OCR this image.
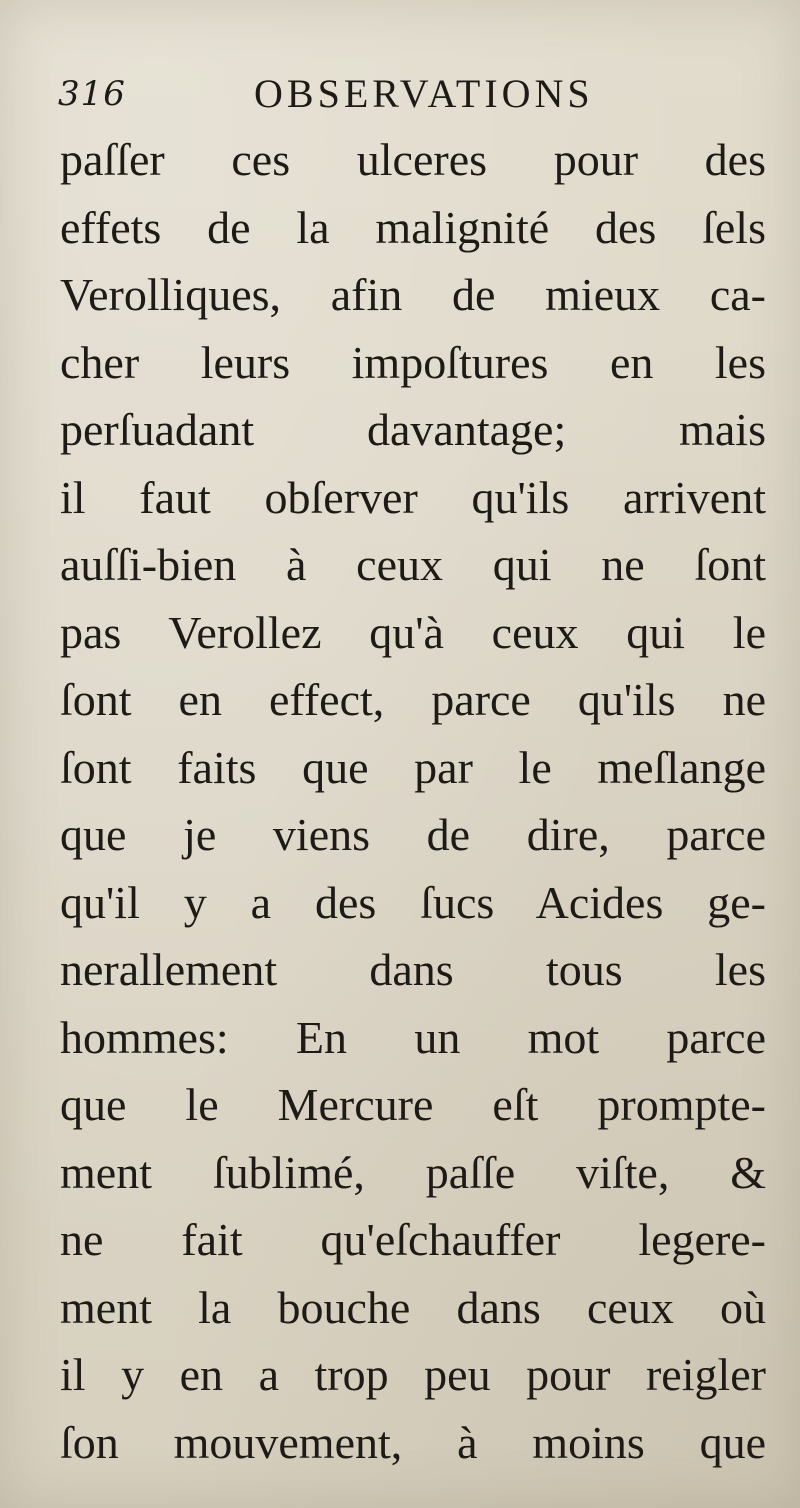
316	OBSERVATIONS
paſſer ces ulceres pour des
effets de la malignité des ſels
Verolliques, afin de mieux ca-
cher leurs impoſtures en les
perſuadant davantage; mais
il faut obſerver qu'ils arrivent
auſſi-bien à ceux qui ne ſont
pas Verollez qu'à ceux qui le
ſont en effect, parce qu'ils ne
ſont faits que par le meſlange
que je viens de dire, parce
qu'il y a des ſucs Acides ge-
nerallement dans tous les
hommes: En un mot parce
que le Mercure eſt prompte-
ment ſublimé, paſſe viſte, &
ne fait qu'eſchauffer legere-
ment la bouche dans ceux où
il y en a trop peu pour reigler
ſon mouvement, à moins que
